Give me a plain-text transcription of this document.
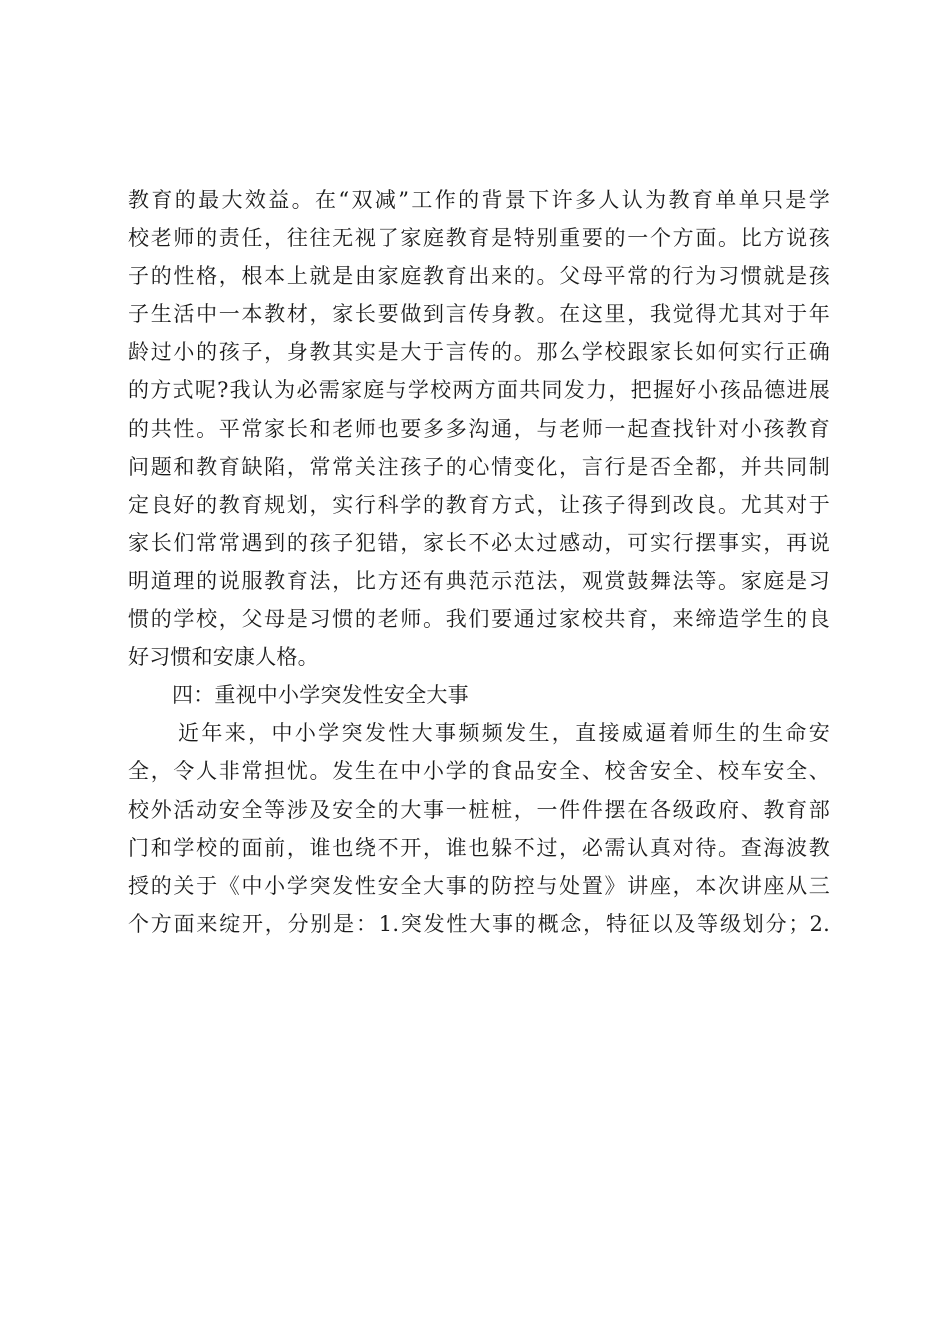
教育的最大效益。在“双减”工作的背景下许多人认为教育单单只是学
校老师的责任，往往无视了家庭教育是特别重要的一个方面。比方说孩
子的性格，根本上就是由家庭教育出来的。父母平常的行为习惯就是孩
子生活中一本教材，家长要做到言传身教。在这里，我觉得尤其对于年
龄过小的孩子，身教其实是大于言传的。那么学校跟家长如何实行正确
的方式呢?我认为必需家庭与学校两方面共同发力，把握好小孩品德进展
的共性。平常家长和老师也要多多沟通，与老师一起查找针对小孩教育
问题和教育缺陷，常常关注孩子的心情变化，言行是否全都，并共同制
定良好的教育规划，实行科学的教育方式，让孩子得到改良。尤其对于
家长们常常遇到的孩子犯错，家长不必太过感动，可实行摆事实，再说
明道理的说服教育法，比方还有典范示范法，观赏鼓舞法等。家庭是习
惯的学校，父母是习惯的老师。我们要通过家校共育，来缔造学生的良
好习惯和安康人格。
四：重视中小学突发性安全大事
近年来，中小学突发性大事频频发生，直接威逼着师生的生命安
全，令人非常担忧。发生在中小学的食品安全、校舍安全、校车安全、
校外活动安全等涉及安全的大事一桩桩，一件件摆在各级政府、教育部
门和学校的面前，谁也绕不开，谁也躲不过，必需认真对待。查海波教
授的关于《中小学突发性安全大事的防控与处置》讲座，本次讲座从三
个方面来绽开，分别是：1.突发性大事的概念，特征以及等级划分；2.
